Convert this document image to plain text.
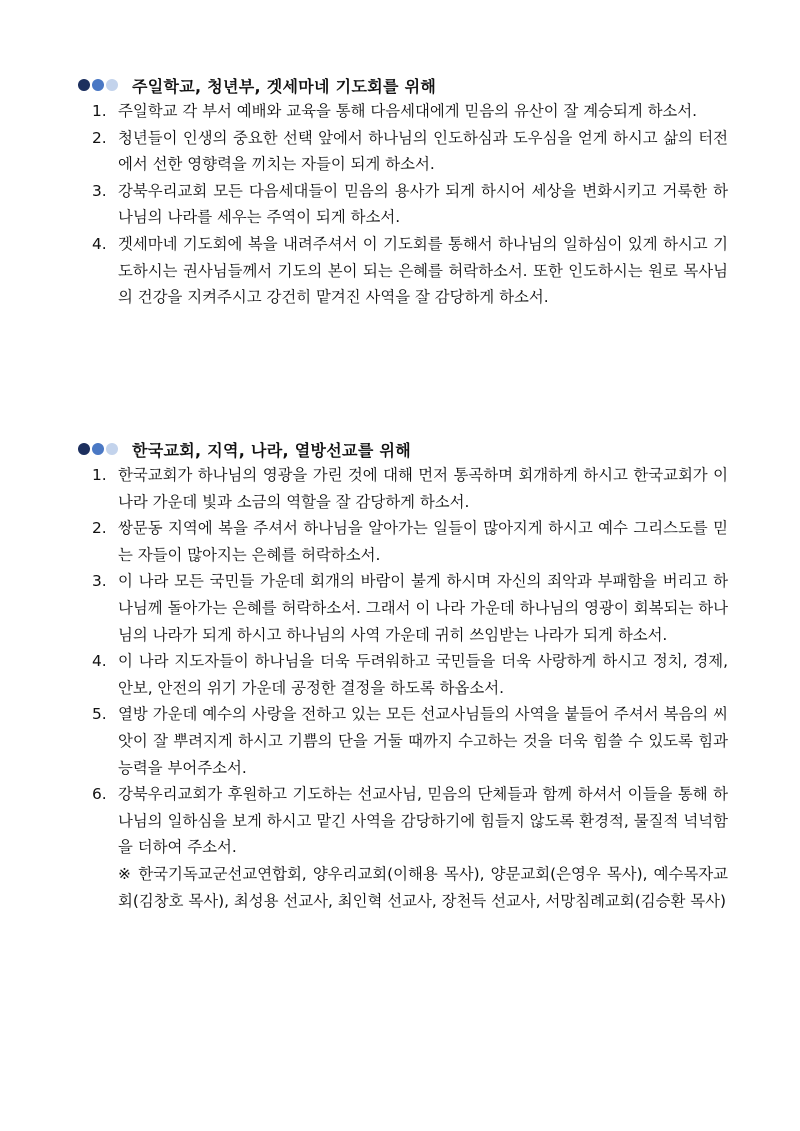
주일학교, 청년부, 겟세마네 기도회를 위해
1. 주일학교 각 부서 예배와 교육을 통해 다음세대에게 믿음의 유산이 잘 계승되게 하소서.
2. 청년들이 인생의 중요한 선택 앞에서 하나님의 인도하심과 도우심을 얻게 하시고 삶의 터전에서 선한 영향력을 끼치는 자들이 되게 하소서.
3. 강북우리교회 모든 다음세대들이 믿음의 용사가 되게 하시어 세상을 변화시키고 거룩한 하나님의 나라를 세우는 주역이 되게 하소서.
4. 겟세마네 기도회에 복을 내려주셔서 이 기도회를 통해서 하나님의 일하심이 있게 하시고 기도하시는 권사님들께서 기도의 본이 되는 은혜를 허락하소서. 또한 인도하시는 원로 목사님의 건강을 지켜주시고 강건히 맡겨진 사역을 잘 감당하게 하소서.
한국교회, 지역, 나라, 열방선교를 위해
1. 한국교회가 하나님의 영광을 가린 것에 대해 먼저 통곡하며 회개하게 하시고 한국교회가 이 나라 가운데 빛과 소금의 역할을 잘 감당하게 하소서.
2. 쌍문동 지역에 복을 주셔서 하나님을 알아가는 일들이 많아지게 하시고 예수 그리스도를 믿는 자들이 많아지는 은혜를 허락하소서.
3. 이 나라 모든 국민들 가운데 회개의 바람이 불게 하시며 자신의 죄악과 부패함을 버리고 하나님께 돌아가는 은혜를 허락하소서. 그래서 이 나라 가운데 하나님의 영광이 회복되는 하나님의 나라가 되게 하시고 하나님의 사역 가운데 귀히 쓰임받는 나라가 되게 하소서.
4. 이 나라 지도자들이 하나님을 더욱 두려워하고 국민들을 더욱 사랑하게 하시고 정치, 경제, 안보, 안전의 위기 가운데 공정한 결정을 하도록 하옵소서.
5. 열방 가운데 예수의 사랑을 전하고 있는 모든 선교사님들의 사역을 붙들어 주셔서 복음의 씨앗이 잘 뿌려지게 하시고 기쁨의 단을 거둘 때까지 수고하는 것을 더욱 힘쓸 수 있도록 힘과 능력을 부어주소서.
6. 강북우리교회가 후원하고 기도하는 선교사님, 믿음의 단체들과 함께 하셔서 이들을 통해 하나님의 일하심을 보게 하시고 맡긴 사역을 감당하기에 힘들지 않도록 환경적, 물질적 넉넉함을 더하여 주소서.

※ 한국기독교군선교연합회, 양우리교회(이해용 목사), 양문교회(은영우 목사), 예수목자교회(김창호 목사), 최성용 선교사, 최인혁 선교사, 장천득 선교사, 서망침례교회(김승환 목사)
